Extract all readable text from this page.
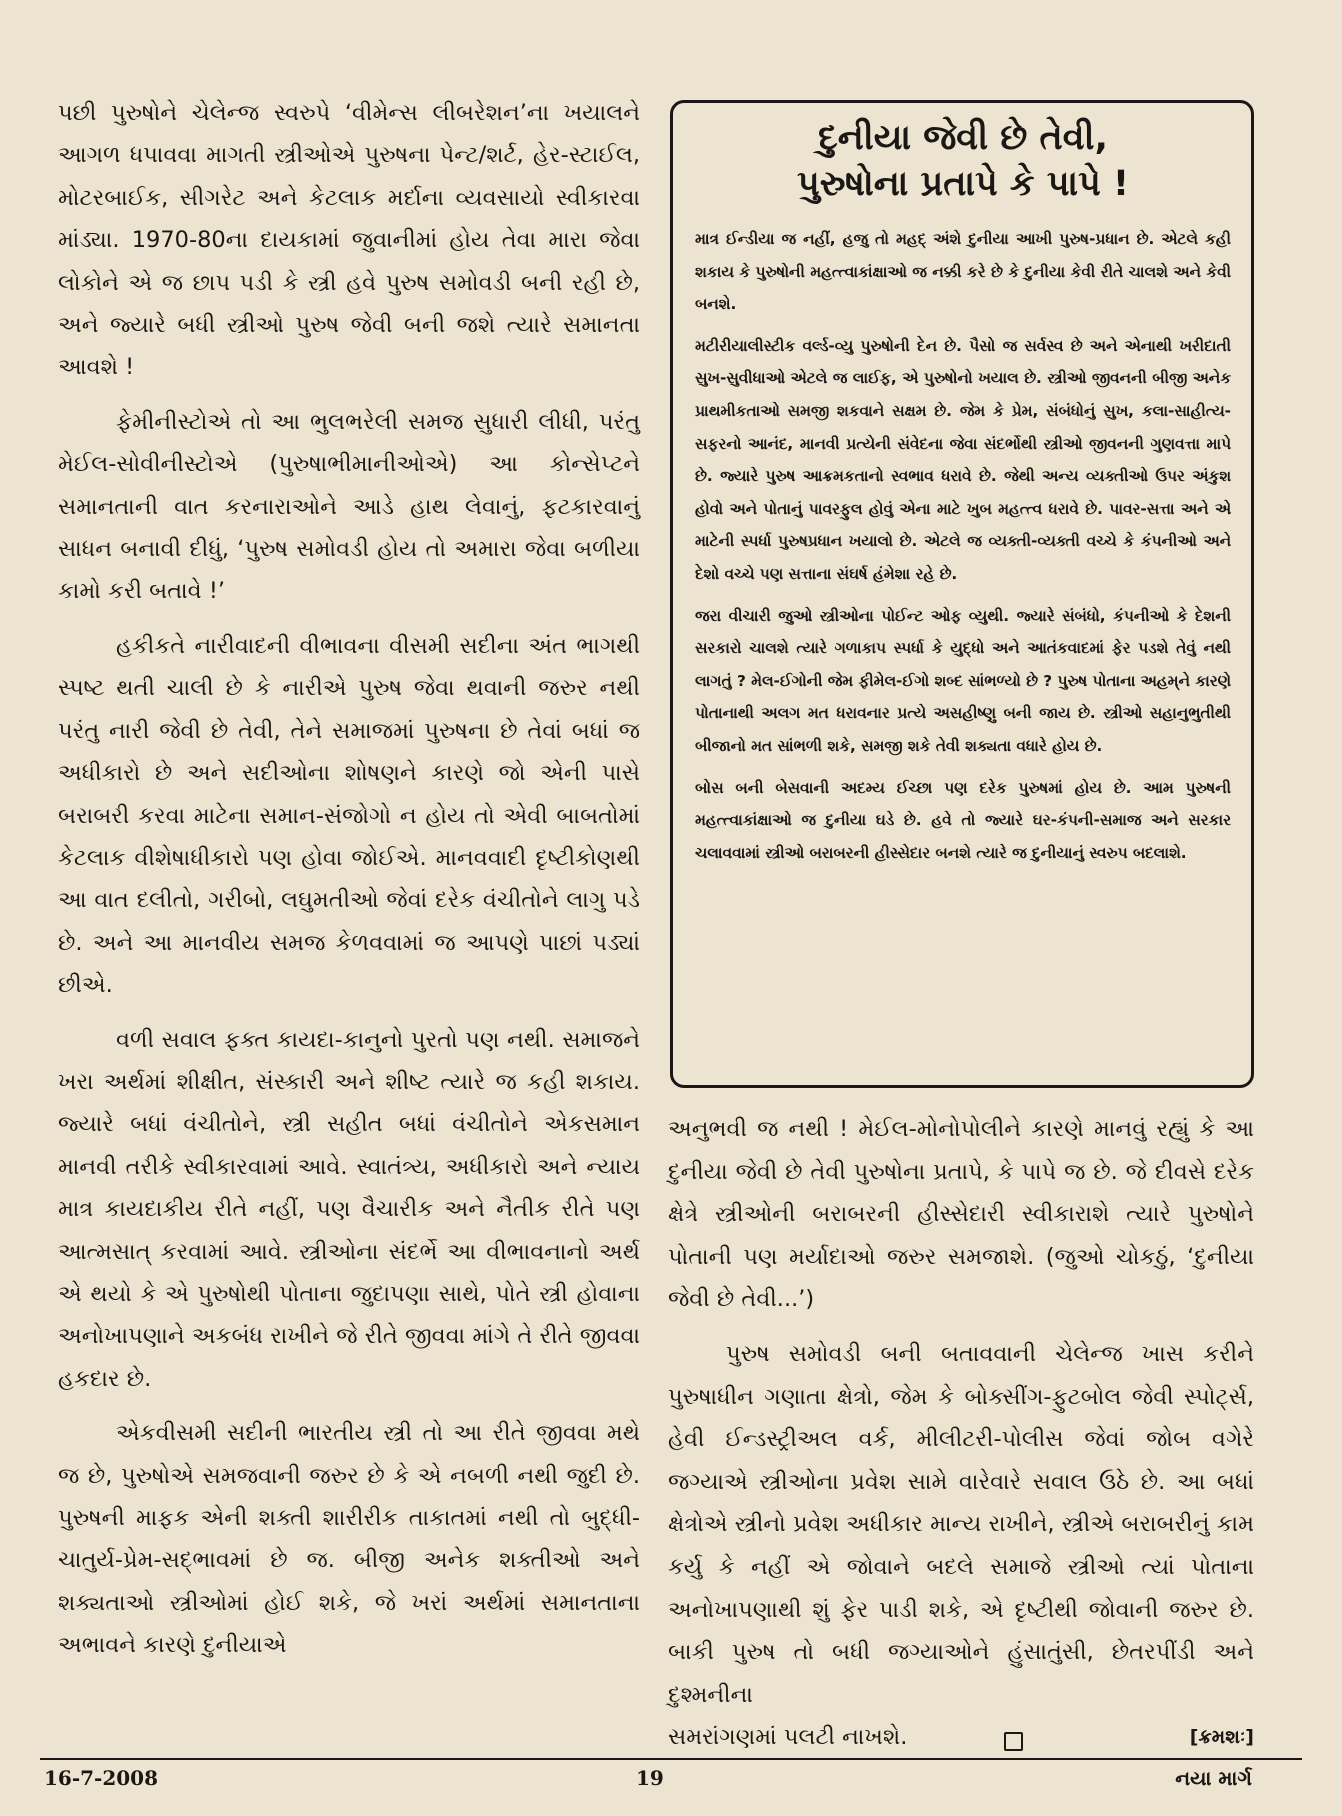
પછી પુરુષોને ચેલેન્જ સ્વરુપે ‘વીમેન્સ લીબરેશન’ના ખયાલને આગળ ધપાવવા માગતી સ્ત્રીઓએ પુરુષના પેન્ટ/શર્ટ, હેર-સ્ટાઈલ, મોટરબાઈક, સીગરેટ અને કેટલાક મર્દાના વ્યવસાયો સ્વીકારવા માંડ્યા. 1970-80ના દાયકામાં જુવાનીમાં હોય તેવા મારા જેવા લોકોને એ જ છાપ પડી કે સ્ત્રી હવે પુરુષ સમોવડી બની રહી છે, અને જ્યારે બધી સ્ત્રીઓ પુરુષ જેવી બની જશે ત્યારે સમાનતા આવશે !

ફેમીનીસ્ટોએ તો આ ભુલભરેલી સમજ સુધારી લીધી, પરંતુ મેઈલ-સોવીનીસ્ટોએ (પુરુષાભીમાનીઓએ) આ કોન્સેપ્ટને સમાનતાની વાત કરનારાઓને આડે હાથ લેવાનું, ફટકારવાનું સાધન બનાવી દીધું, ‘પુરુષ સમોવડી હોય તો અમારા જેવા બળીયા કામો કરી બતાવે !’

હકીકતે નારીવાદની વીભાવના વીસમી સદીના અંત ભાગથી સ્પષ્ટ થતી ચાલી છે કે નારીએ પુરુષ જેવા થવાની જરુર નથી પરંતુ નારી જેવી છે તેવી, તેને સમાજમાં પુરુષના છે તેવાં બધાં જ અધીકારો છે અને સદીઓના શોષણને કારણે જો એની પાસે બરાબરી કરવા માટેના સમાન-સંજોગો ન હોય તો એવી બાબતોમાં કેટલાક વીશેષાધીકારો પણ હોવા જોઈએ. માનવવાદી દૃષ્ટીકોણથી આ વાત દલીતો, ગરીબો, લઘુમતીઓ જેવાં દરેક વંચીતોને લાગુ પડે છે. અને આ માનવીય સમજ કેળવવામાં જ આપણે પાછાં પડ્યાં છીએ.

વળી સવાલ ફક્ત કાયદા-કાનુનો પુરતો પણ નથી. સમાજને ખરા અર્થમાં શીક્ષીત, સંસ્કારી અને શીષ્ટ ત્યારે જ કહી શકાય. જ્યારે બધાં વંચીતોને, સ્ત્રી સહીત બધાં વંચીતોને એકસમાન માનવી તરીકે સ્વીકારવામાં આવે. સ્વાતંત્ર્ય, અધીકારો અને ન્યાય માત્ર કાયદાકીય રીતે નહીં, પણ વૈચારીક અને નૈતીક રીતે પણ આત્મસાત્ કરવામાં આવે. સ્ત્રીઓના સંદર્ભે આ વીભાવનાનો અર્થ એ થયો કે એ પુરુષોથી પોતાના જુદાપણા સાથે, પોતે સ્ત્રી હોવાના અનોખાપણાને અકબંધ રાખીને જે રીતે જીવવા માંગે તે રીતે જીવવા હકદાર છે.

એકવીસમી સદીની ભારતીય સ્ત્રી તો આ રીતે જીવવા મથે જ છે, પુરુષોએ સમજવાની જરુર છે કે એ નબળી નથી જુદી છે. પુરુષની માફક એની શક્તી શારીરીક તાકાતમાં નથી તો બુદ્ધી-ચાતુર્ય-પ્રેમ-સદ્ભાવમાં છે જ. બીજી અનેક શક્તીઓ અને શક્યતાઓ સ્ત્રીઓમાં હોઈ શકે, જે ખરાં અર્થમાં સમાનતાના અભાવને કારણે દુનીયાએ

દુનીયા જેવી છે તેવી,
પુરુષોના પ્રતાપે કે પાપે !

માત્ર ઈન્ડીયા જ નહીં, હજુ તો મહદ્ અંશે દુનીયા આખી પુરુષ-પ્રધાન છે. એટલે કહી શકાય કે પુરુષોની મહત્ત્વાકાંક્ષાઓ જ નક્કી કરે છે કે દુનીયા કેવી રીતે ચાલશે અને કેવી બનશે.

મટીરીયાલીસ્ટીક વર્લ્ડ-વ્યુ પુરુષોની દેન છે. પૈસો જ સર્વસ્વ છે અને એનાથી ખરીદાતી સુખ-સુવીધાઓ એટલે જ લાઈફ, એ પુરુષોનો ખયાલ છે. સ્ત્રીઓ જીવનની બીજી અનેક પ્રાથમીકતાઓ સમજી શકવાને સક્ષમ છે. જેમ કે પ્રેમ, સંબંધોનું સુખ, કલા-સાહીત્ય- સફરનો આનંદ, માનવી પ્રત્યેની સંવેદના જેવા સંદર્ભોથી સ્ત્રીઓ જીવનની ગુણવત્તા માપે છે. જ્યારે પુરુષ આક્રમકતાનો સ્વભાવ ધરાવે છે. જેથી અન્ય વ્યક્તીઓ ઉપર અંકુશ હોવો અને પોતાનું પાવરફુલ હોવું એના માટે ખુબ મહત્ત્વ ધરાવે છે. પાવર-સત્તા અને એ માટેની સ્પર્ધા પુરુષપ્રધાન ખયાલો છે. એટલે જ વ્યક્તી-વ્યક્તી વચ્ચે કે કંપનીઓ અને દેશો વચ્ચે પણ સત્તાના સંઘર્ષ હંમેશા રહે છે.

જરા વીચારી જુઓ સ્ત્રીઓના પોઈન્ટ ઓફ વ્યુથી. જ્યારે સંબંધો, કંપનીઓ કે દેશની સરકારો ચાલશે ત્યારે ગળાકાપ સ્પર્ધા કે યુદ્ધો અને આતંકવાદમાં ફેર પડશે તેવું નથી લાગતું ? મેલ-ઈગોની જેમ ફીમેલ-ઈગો શબ્દ સાંભળ્યો છે ? પુરુષ પોતાના અહમ્‌ને કારણે પોતાનાથી અલગ મત ધરાવનાર પ્રત્યે અસહીષ્ણુ બની જાય છે. સ્ત્રીઓ સહાનુભુતીથી બીજાનો મત સાંભળી શકે, સમજી શકે તેવી શક્યતા વધારે હોય છે.

બોસ બની બેસવાની અદમ્ય ઈચ્છા પણ દરેક પુરુષમાં હોય છે. આમ પુરુષની મહત્ત્વાકાંક્ષાઓ જ દુનીયા ઘડે છે. હવે તો જ્યારે ઘર-કંપની-સમાજ અને સરકાર ચલાવવામાં સ્ત્રીઓ બરાબરની હીસ્સેદાર બનશે ત્યારે જ દુનીયાનું સ્વરુપ બદલાશે.

અનુભવી જ નથી ! મેઈલ-મોનોપોલીને કારણે માનવું રહ્યું કે આ દુનીયા જેવી છે તેવી પુરુષોના પ્રતાપે, કે પાપે જ છે. જે દીવસે દરેક ક્ષેત્રે સ્ત્રીઓની બરાબરની હીસ્સેદારી સ્વીકારાશે ત્યારે પુરુષોને પોતાની પણ મર્યાદાઓ જરુર સમજાશે. (જુઓ ચોકઠું, ‘દુનીયા જેવી છે તેવી...’)

પુરુષ સમોવડી બની બતાવવાની ચેલેન્જ ખાસ કરીને પુરુષાધીન ગણાતા ક્ષેત્રો, જેમ કે બોક્સીંગ-ફુટબોલ જેવી સ્પોર્ટ્સ, હેવી ઈન્ડસ્ટ્રીઅલ વર્ક, મીલીટરી-પોલીસ જેવાં જોબ વગેરે જગ્યાએ સ્ત્રીઓના પ્રવેશ સામે વારેવારે સવાલ ઉઠે છે. આ બધાં ક્ષેત્રોએ સ્ત્રીનો પ્રવેશ અધીકાર માન્ય રાખીને, સ્ત્રીએ બરાબરીનું કામ કર્યુ કે નહીં એ જોવાને બદલે સમાજે સ્ત્રીઓ ત્યાં પોતાના અનોખાપણાથી શું ફેર પાડી શકે, એ દૃષ્ટીથી જોવાની જરુર છે. બાકી પુરુષ તો બધી જગ્યાઓને હુંસાતુંસી, છેતરપીંડી અને દુશ્મનીના

સમરાંગણમાં પલટી નાખશે.	[ક્રમશઃ]
16-7-2008	19	નયા માર્ગ
